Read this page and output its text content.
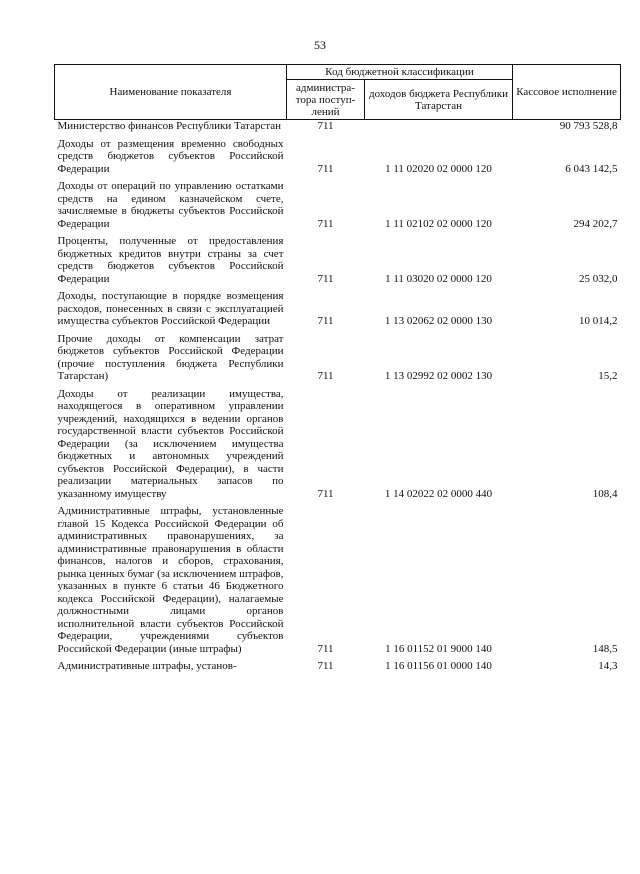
53
Наименование показателя	Код бюджетной классификации		Кассовое исполнение
	администра-тора поступ-лений	доходов бюджета Республики Татарстан	
Министерство финансов Республики Татарстан	711		90 793 528,8
Доходы от размещения временно свободных средств бюджетов субъектов Российской Федерации	711	1 11 02020 02 0000 120	6 043 142,5
Доходы от операций по управлению остатками средств на едином казначейском счете, зачисляемые в бюджеты субъектов Российской Федерации	711	1 11 02102 02 0000 120	294 202,7
Проценты, полученные от предоставления бюджетных кредитов внутри страны за счет средств бюджетов субъектов Российской Федерации	711	1 11 03020 02 0000 120	25 032,0
Доходы, поступающие в порядке возмещения расходов, понесенных в связи с эксплуатацией имущества субъектов Российской Федерации	711	1 13 02062 02 0000 130	10 014,2
Прочие доходы от компенсации затрат бюджетов субъектов Российской Федерации (прочие поступления бюджета Республики Татарстан)	711	1 13 02992 02 0002 130	15,2
Доходы от реализации имущества, находящегося в оперативном управлении учреждений, находящихся в ведении органов государственной власти субъектов Российской Федерации (за исключением имущества бюджетных и автономных учреждений субъектов Российской Федерации), в части реализации материальных запасов по указанному имуществу	711	1 14 02022 02 0000 440	108,4
Административные штрафы, установленные главой 15 Кодекса Российской Федерации об административных правонарушениях, за административные правонарушения в области финансов, налогов и сборов, страхования, рынка ценных бумаг (за исключением штрафов, указанных в пункте 6 статьи 46 Бюджетного кодекса Российской Федерации), налагаемые должностными лицами органов исполнительной власти субъектов Российской Федерации, учреждениями субъектов Российской Федерации (иные штрафы)	711	1 16 01152 01 9000 140	148,5
Административные штрафы, установ-	711	1 16 01156 01 0000 140	14,3
